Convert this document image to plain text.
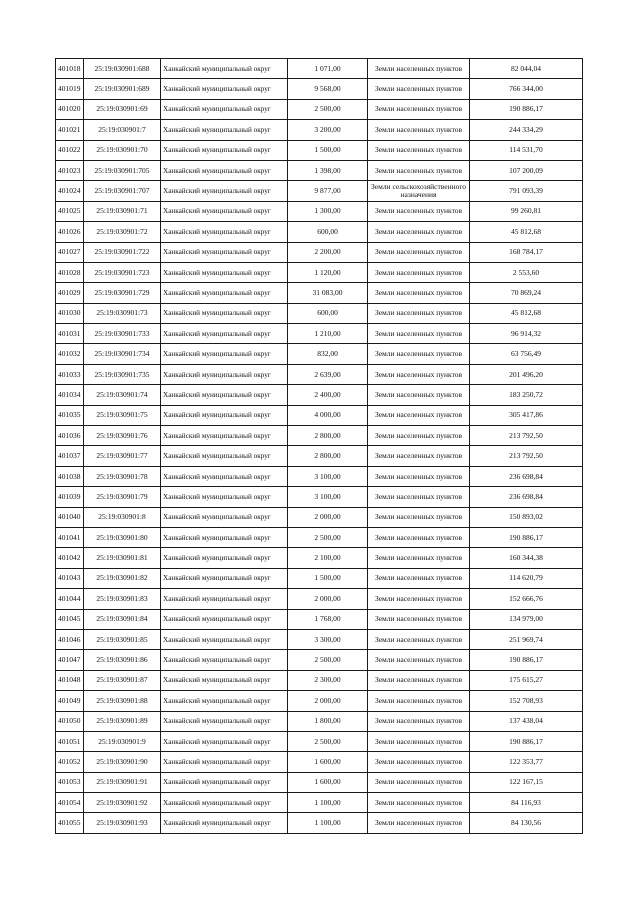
401018	25:19:030901:688	Ханкайский муниципальный округ	1 071,00	Земли населенных пунктов	82 044,04
401019	25:19:030901:689	Ханкайский муниципальный округ	9 568,00	Земли населенных пунктов	766 344,00
401020	25:19:030901:69	Ханкайский муниципальный округ	2 500,00	Земли населенных пунктов	190 886,17
401021	25:19:030901:7	Ханкайский муниципальный округ	3 200,00	Земли населенных пунктов	244 334,29
401022	25:19:030901:70	Ханкайский муниципальный округ	1 500,00	Земли населенных пунктов	114 531,70
401023	25:19:030901:705	Ханкайский муниципальный округ	1 398,00	Земли населенных пунктов	107 200,09
401024	25:19:030901:707	Ханкайский муниципальный округ	9 877,00	Земли сельскохозяйственного назначения	791 093,39
401025	25:19:030901:71	Ханкайский муниципальный округ	1 300,00	Земли населенных пунктов	99 260,81
401026	25:19:030901:72	Ханкайский муниципальный округ	600,00	Земли населенных пунктов	45 812,68
401027	25:19:030901:722	Ханкайский муниципальный округ	2 200,00	Земли населенных пунктов	168 784,17
401028	25:19:030901:723	Ханкайский муниципальный округ	1 120,00	Земли населенных пунктов	2 553,60
401029	25:19:030901:729	Ханкайский муниципальный округ	31 083,00	Земли населенных пунктов	70 869,24
401030	25:19:030901:73	Ханкайский муниципальный округ	600,00	Земли населенных пунктов	45 812,68
401031	25:19:030901:733	Ханкайский муниципальный округ	1 210,00	Земли населенных пунктов	96 914,32
401032	25:19:030901:734	Ханкайский муниципальный округ	832,00	Земли населенных пунктов	63 756,49
401033	25:19:030901:735	Ханкайский муниципальный округ	2 639,00	Земли населенных пунктов	201 496,20
401034	25:19:030901:74	Ханкайский муниципальный округ	2 400,00	Земли населенных пунктов	183 250,72
401035	25:19:030901:75	Ханкайский муниципальный округ	4 000,00	Земли населенных пунктов	305 417,86
401036	25:19:030901:76	Ханкайский муниципальный округ	2 800,00	Земли населенных пунктов	213 792,50
401037	25:19:030901:77	Ханкайский муниципальный округ	2 800,00	Земли населенных пунктов	213 792,50
401038	25:19:030901:78	Ханкайский муниципальный округ	3 100,00	Земли населенных пунктов	236 698,84
401039	25:19:030901:79	Ханкайский муниципальный округ	3 100,00	Земли населенных пунктов	236 698,84
401040	25:19:030901:8	Ханкайский муниципальный округ	2 000,00	Земли населенных пунктов	150 893,02
401041	25:19:030901:80	Ханкайский муниципальный округ	2 500,00	Земли населенных пунктов	190 886,17
401042	25:19:030901:81	Ханкайский муниципальный округ	2 100,00	Земли населенных пунктов	160 344,38
401043	25:19:030901:82	Ханкайский муниципальный округ	1 500,00	Земли населенных пунктов	114 620,79
401044	25:19:030901:83	Ханкайский муниципальный округ	2 000,00	Земли населенных пунктов	152 666,76
401045	25:19:030901:84	Ханкайский муниципальный округ	1 768,00	Земли населенных пунктов	134 979,00
401046	25:19:030901:85	Ханкайский муниципальный округ	3 300,00	Земли населенных пунктов	251 969,74
401047	25:19:030901:86	Ханкайский муниципальный округ	2 500,00	Земли населенных пунктов	190 886,17
401048	25:19:030901:87	Ханкайский муниципальный округ	2 300,00	Земли населенных пунктов	175 615,27
401049	25:19:030901:88	Ханкайский муниципальный округ	2 000,00	Земли населенных пунктов	152 708,93
401050	25:19:030901:89	Ханкайский муниципальный округ	1 800,00	Земли населенных пунктов	137 438,04
401051	25:19:030901:9	Ханкайский муниципальный округ	2 500,00	Земли населенных пунктов	190 886,17
401052	25:19:030901:90	Ханкайский муниципальный округ	1 600,00	Земли населенных пунктов	122 353,77
401053	25:19:030901:91	Ханкайский муниципальный округ	1 600,00	Земли населенных пунктов	122 167,15
401054	25:19:030901:92	Ханкайский муниципальный округ	1 100,00	Земли населенных пунктов	84 116,93
401055	25:19:030901:93	Ханкайский муниципальный округ	1 100,00	Земли населенных пунктов	84 130,56
